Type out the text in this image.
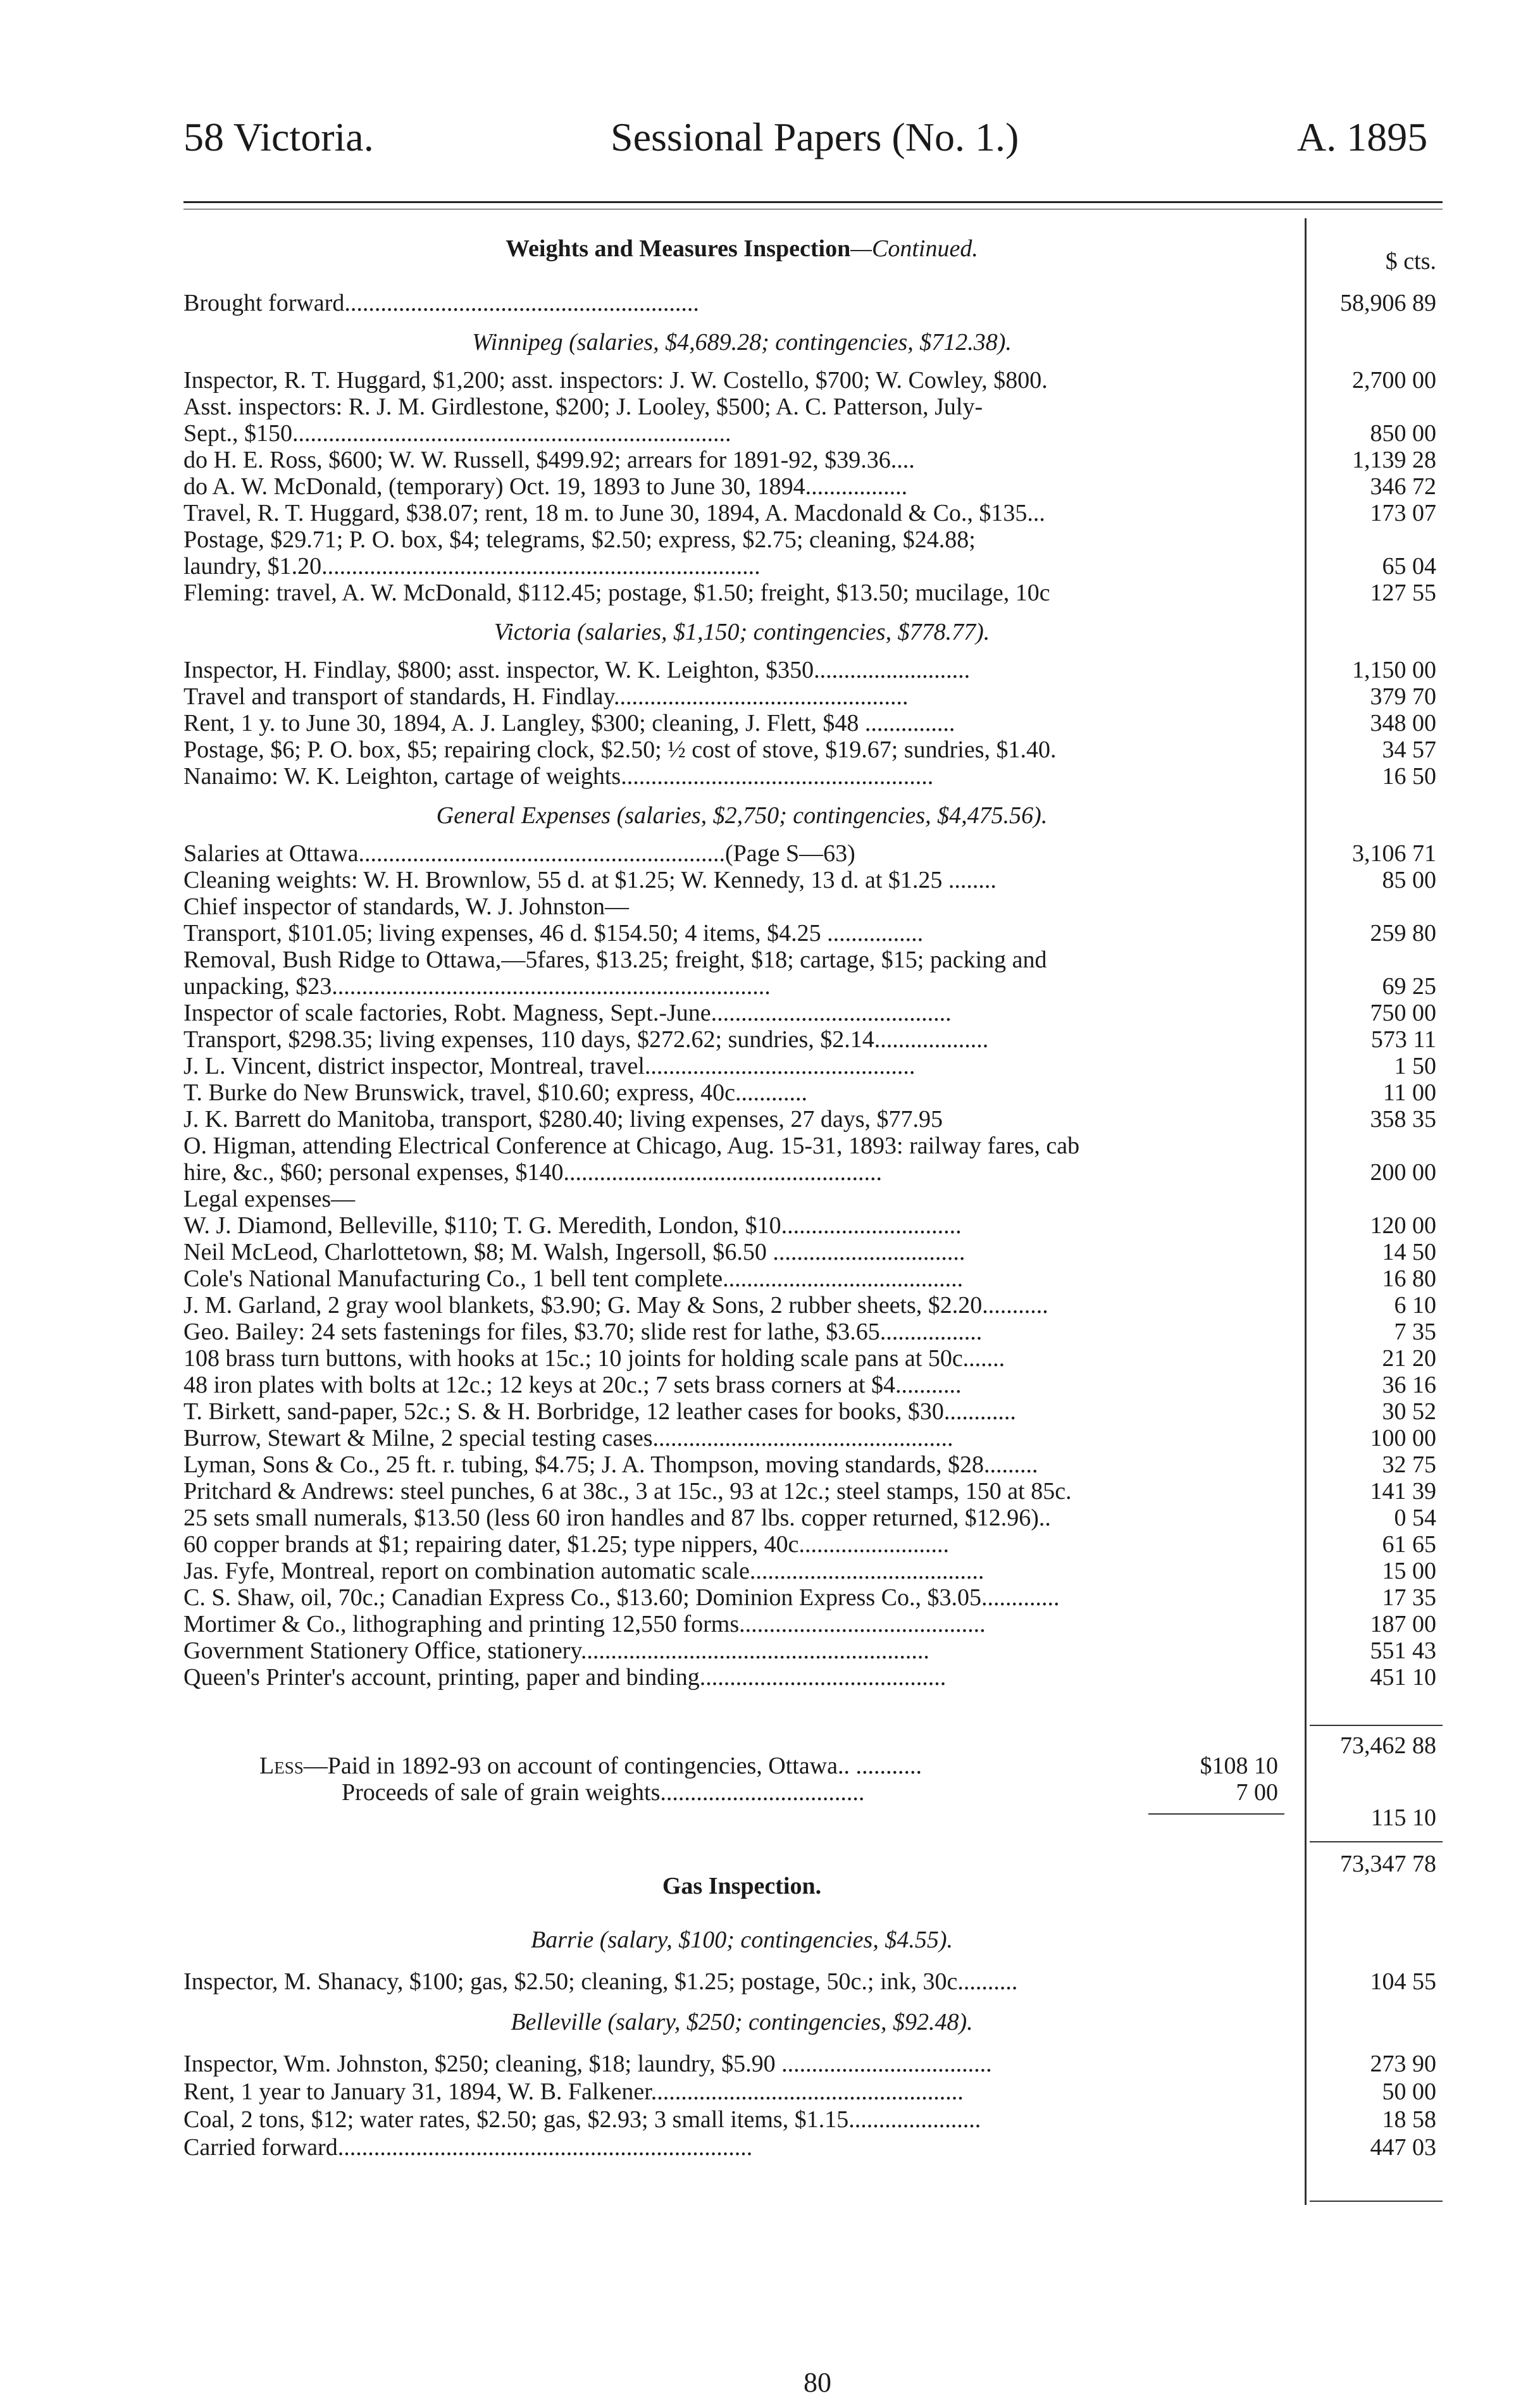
58 Victoria.	Sessional Papers (No. 1.)	A. 1895
Weights and Measures Inspection—Continued.	$ cts.
Brought forward...........................................................	58,906 89
Winnipeg (salaries, $4,689.28; contingencies, $712.38).
Inspector, R. T. Huggard, $1,200; asst. inspectors: J. W. Costello, $700; W. Cowley, $800.	2,700 00
Asst. inspectors: R. J. M. Girdlestone, $200; J. Looley, $500; A. C. Patterson, July-
Sept., $150.........................................................................	850 00
do H. E. Ross, $600; W. W. Russell, $499.92; arrears for 1891-92, $39.36....	1,139 28
do A. W. McDonald, (temporary) Oct. 19, 1893 to June 30, 1894.................	346 72
Travel, R. T. Huggard, $38.07; rent, 18 m. to June 30, 1894, A. Macdonald & Co., $135...	173 07
Postage, $29.71; P. O. box, $4; telegrams, $2.50; express, $2.75; cleaning, $24.88;
laundry, $1.20.........................................................................	65 04
Fleming: travel, A. W. McDonald, $112.45; postage, $1.50; freight, $13.50; mucilage, 10c	127 55
Victoria (salaries, $1,150; contingencies, $778.77).
Inspector, H. Findlay, $800; asst. inspector, W. K. Leighton, $350..........................	1,150 00
Travel and transport of standards, H. Findlay.................................................	379 70
Rent, 1 y. to June 30, 1894, A. J. Langley, $300; cleaning, J. Flett, $48 ...............	348 00
Postage, $6; P. O. box, $5; repairing clock, $2.50; ½ cost of stove, $19.67; sundries, $1.40.	34 57
Nanaimo: W. K. Leighton, cartage of weights....................................................	16 50
General Expenses (salaries, $2,750; contingencies, $4,475.56).
Salaries at Ottawa.............................................................(Page S—63)	3,106 71
Cleaning weights: W. H. Brownlow, 55 d. at $1.25; W. Kennedy, 13 d. at $1.25 ........	85 00
Chief inspector of standards, W. J. Johnston—
Transport, $101.05; living expenses, 46 d. $154.50; 4 items, $4.25 ................	259 80
Removal, Bush Ridge to Ottawa,—5fares, $13.25; freight, $18; cartage, $15; packing and
unpacking, $23.........................................................................	69 25
Inspector of scale factories, Robt. Magness, Sept.-June........................................	750 00
Transport, $298.35; living expenses, 110 days, $272.62; sundries, $2.14...................	573 11
J. L. Vincent, district inspector, Montreal, travel.............................................	1 50
T. Burke do New Brunswick, travel, $10.60; express, 40c............	11 00
J. K. Barrett do Manitoba, transport, $280.40; living expenses, 27 days, $77.95	358 35
O. Higman, attending Electrical Conference at Chicago, Aug. 15-31, 1893: railway fares, cab
hire, &c., $60; personal expenses, $140.....................................................	200 00
Legal expenses—
W. J. Diamond, Belleville, $110; T. G. Meredith, London, $10..............................	120 00
Neil McLeod, Charlottetown, $8; M. Walsh, Ingersoll, $6.50 ................................	14 50
Cole's National Manufacturing Co., 1 bell tent complete........................................	16 80
J. M. Garland, 2 gray wool blankets, $3.90; G. May & Sons, 2 rubber sheets, $2.20...........	6 10
Geo. Bailey: 24 sets fastenings for files, $3.70; slide rest for lathe, $3.65.................	7 35
108 brass turn buttons, with hooks at 15c.; 10 joints for holding scale pans at 50c.......	21 20
48 iron plates with bolts at 12c.; 12 keys at 20c.; 7 sets brass corners at $4...........	36 16
T. Birkett, sand-paper, 52c.; S. & H. Borbridge, 12 leather cases for books, $30............	30 52
Burrow, Stewart & Milne, 2 special testing cases..................................................	100 00
Lyman, Sons & Co., 25 ft. r. tubing, $4.75; J. A. Thompson, moving standards, $28.........	32 75
Pritchard & Andrews: steel punches, 6 at 38c., 3 at 15c., 93 at 12c.; steel stamps, 150 at 85c.	141 39
25 sets small numerals, $13.50 (less 60 iron handles and 87 lbs. copper returned, $12.96)..	0 54
60 copper brands at $1; repairing dater, $1.25; type nippers, 40c.........................	61 65
Jas. Fyfe, Montreal, report on combination automatic scale.......................................	15 00
C. S. Shaw, oil, 70c.; Canadian Express Co., $13.60; Dominion Express Co., $3.05.............	17 35
Mortimer & Co., lithographing and printing 12,550 forms.........................................	187 00
Government Stationery Office, stationery..........................................................	551 43
Queen's Printer's account, printing, paper and binding.........................................	451 10
73,462 88
Less—Paid in 1892-93 on account of contingencies, Ottawa.. ...........	$108 10
Proceeds of sale of grain weights..................................	7 00
115 10
73,347 78
Gas Inspection.
Barrie (salary, $100; contingencies, $4.55).
Inspector, M. Shanacy, $100; gas, $2.50; cleaning, $1.25; postage, 50c.; ink, 30c..........	104 55
Belleville (salary, $250; contingencies, $92.48).
Inspector, Wm. Johnston, $250; cleaning, $18; laundry, $5.90 ...................................	273 90
Rent, 1 year to January 31, 1894, W. B. Falkener....................................................	50 00
Coal, 2 tons, $12; water rates, $2.50; gas, $2.93; 3 small items, $1.15......................	18 58
Carried forward.....................................................................	447 03
80
